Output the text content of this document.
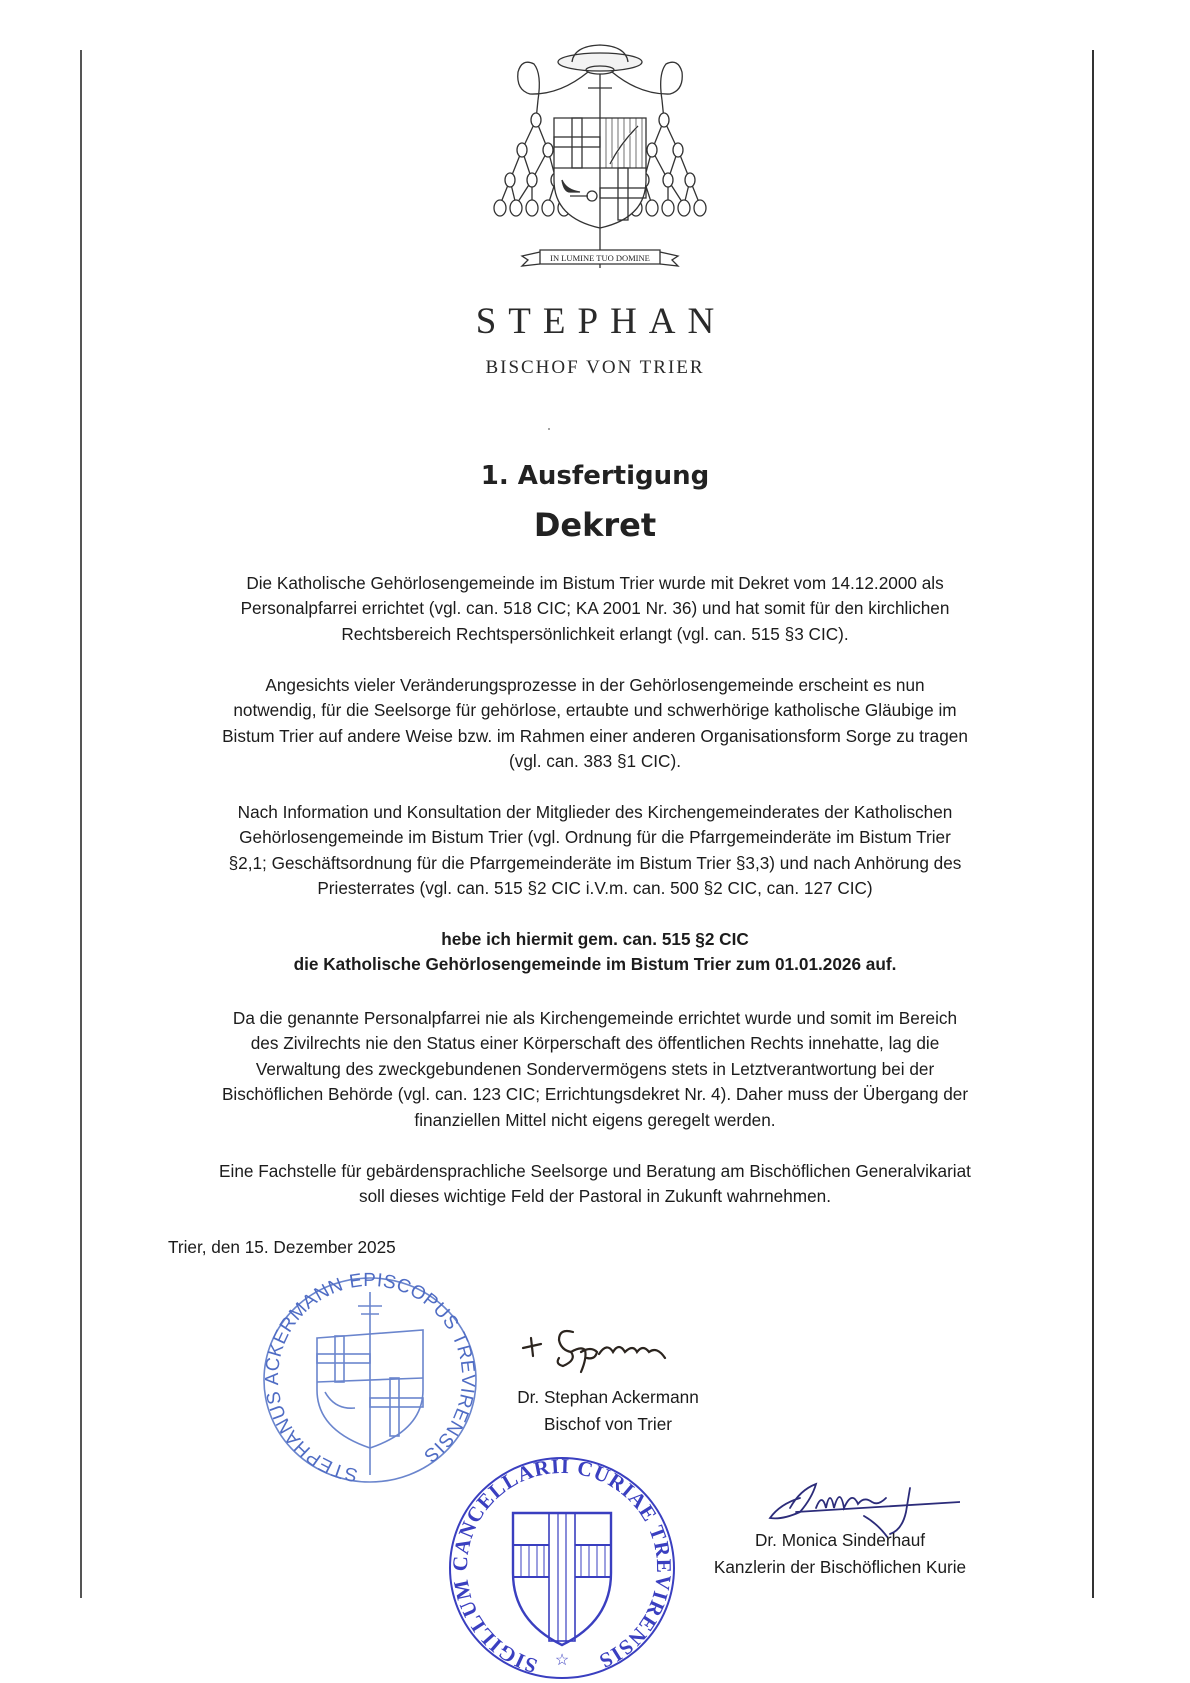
IN LUMINE TUO DOMINE
STEPHAN
BISCHOF VON TRIER
1. Ausfertigung
Dekret
Die Katholische Gehörlosengemeinde im Bistum Trier wurde mit Dekret vom 14.12.2000 als
Personalpfarrei errichtet (vgl. can. 518 CIC; KA 2001 Nr. 36) und hat somit für den kirchlichen
Rechtsbereich Rechtspersönlichkeit erlangt (vgl. can. 515 §3 CIC).
Angesichts vieler Veränderungsprozesse in der Gehörlosengemeinde erscheint es nun
notwendig, für die Seelsorge für gehörlose, ertaubte und schwerhörige katholische Gläubige im
Bistum Trier auf andere Weise bzw. im Rahmen einer anderen Organisationsform Sorge zu tragen
(vgl. can. 383 §1 CIC).
Nach Information und Konsultation der Mitglieder des Kirchengemeinderates der Katholischen
Gehörlosengemeinde im Bistum Trier (vgl. Ordnung für die Pfarrgemeinderäte im Bistum Trier
§2,1; Geschäftsordnung für die Pfarrgemeinderäte im Bistum Trier §3,3) und nach Anhörung des
Priesterrates (vgl. can. 515 §2 CIC i.V.m. can. 500 §2 CIC, can. 127 CIC)
hebe ich hiermit gem. can. 515 §2 CIC
die Katholische Gehörlosengemeinde im Bistum Trier zum 01.01.2026 auf.
Da die genannte Personalpfarrei nie als Kirchengemeinde errichtet wurde und somit im Bereich
des Zivilrechts nie den Status einer Körperschaft des öffentlichen Rechts innehatte, lag die
Verwaltung des zweckgebundenen Sondervermögens stets in Letztverantwortung bei der
Bischöflichen Behörde (vgl. can. 123 CIC; Errichtungsdekret Nr. 4). Daher muss der Übergang der
finanziellen Mittel nicht eigens geregelt werden.
Eine Fachstelle für gebärdensprachliche Seelsorge und Beratung am Bischöflichen Generalvikariat
soll dieses wichtige Feld der Pastoral in Zukunft wahrnehmen.
Trier, den 15. Dezember 2025
STEPHANUS ACKERMANN EPISCOPUS TREVIRENSIS
Dr. Stephan Ackermann
Bischof von Trier
SIGILLUM CANCELLARII CURIAE TREVIRENSIS
☆
Dr. Monica Sinderhauf
Kanzlerin der Bischöflichen Kurie
